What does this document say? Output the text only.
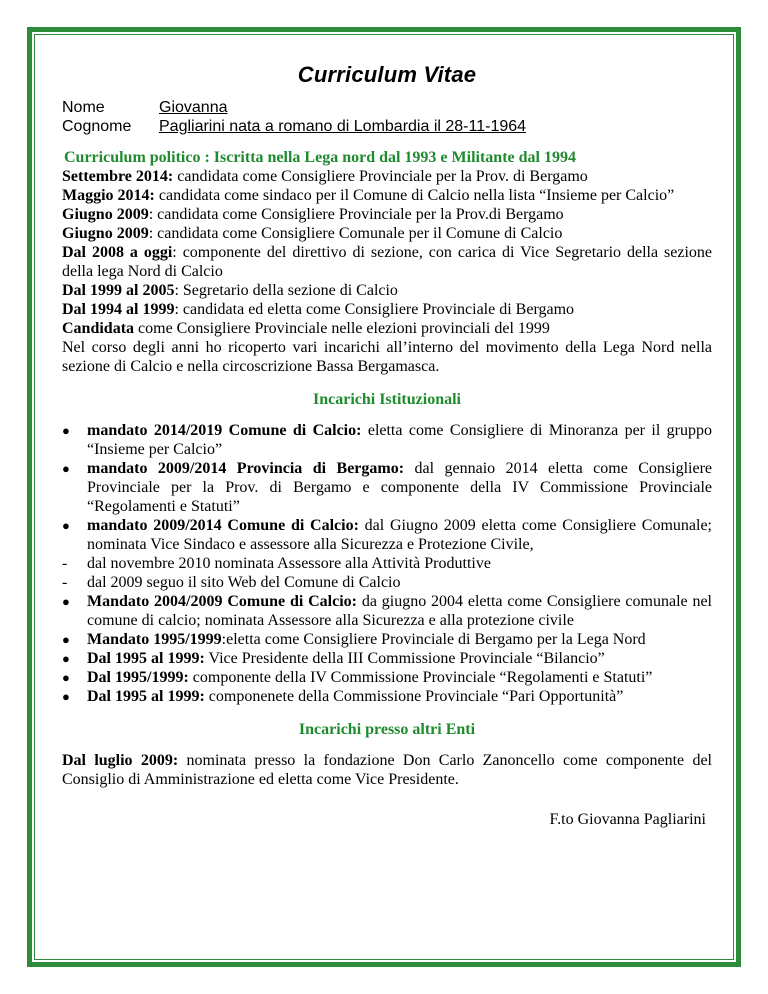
Curriculum Vitae
Nome	Giovanna
Cognome	Pagliarini nata a romano di Lombardia il 28-11-1964
Curriculum politico : Iscritta nella Lega nord dal 1993 e Militante dal 1994
Settembre 2014: candidata come Consigliere Provinciale per la Prov. di Bergamo
Maggio 2014: candidata come sindaco per il Comune di Calcio nella lista “Insieme per Calcio”
Giugno 2009: candidata come Consigliere Provinciale per la Prov.di Bergamo
Giugno 2009: candidata come Consigliere Comunale per il Comune di Calcio
Dal 2008 a oggi: componente del direttivo di sezione, con carica di Vice Segretario della sezione della lega Nord di Calcio
Dal 1999 al 2005: Segretario della sezione di Calcio
Dal 1994 al 1999: candidata ed eletta come Consigliere Provinciale di Bergamo
Candidata come Consigliere Provinciale nelle elezioni provinciali del 1999
Nel corso degli anni ho ricoperto vari incarichi all’interno del movimento della Lega Nord nella sezione di Calcio e nella circoscrizione Bassa Bergamasca.
Incarichi Istituzionali
●	mandato 2014/2019 Comune di Calcio: eletta come Consigliere di Minoranza per il gruppo “Insieme per Calcio”
●	mandato 2009/2014 Provincia di Bergamo: dal gennaio 2014 eletta come Consigliere Provinciale per la Prov. di Bergamo e componente della IV Commissione Provinciale “Regolamenti e Statuti”
●	mandato 2009/2014 Comune di Calcio: dal Giugno 2009 eletta come Consigliere Comunale; nominata Vice Sindaco e assessore alla Sicurezza e Protezione Civile,
-	dal novembre 2010 nominata Assessore alla Attività Produttive
-	dal 2009 seguo il sito Web del Comune di Calcio
●	Mandato 2004/2009 Comune di Calcio: da giugno 2004 eletta come Consigliere comunale nel comune di calcio; nominata Assessore alla Sicurezza e alla protezione civile
●	Mandato 1995/1999:eletta come Consigliere Provinciale di Bergamo per la Lega Nord
●	Dal 1995 al 1999: Vice Presidente della III Commissione Provinciale “Bilancio”
●	Dal 1995/1999: componente della IV Commissione Provinciale “Regolamenti e Statuti”
●	Dal 1995 al 1999: componenete della Commissione Provinciale “Pari Opportunità”
Incarichi presso altri Enti
Dal luglio 2009: nominata presso la fondazione Don Carlo Zanoncello come componente del Consiglio di Amministrazione ed eletta come Vice Presidente.
F.to Giovanna Pagliarini
